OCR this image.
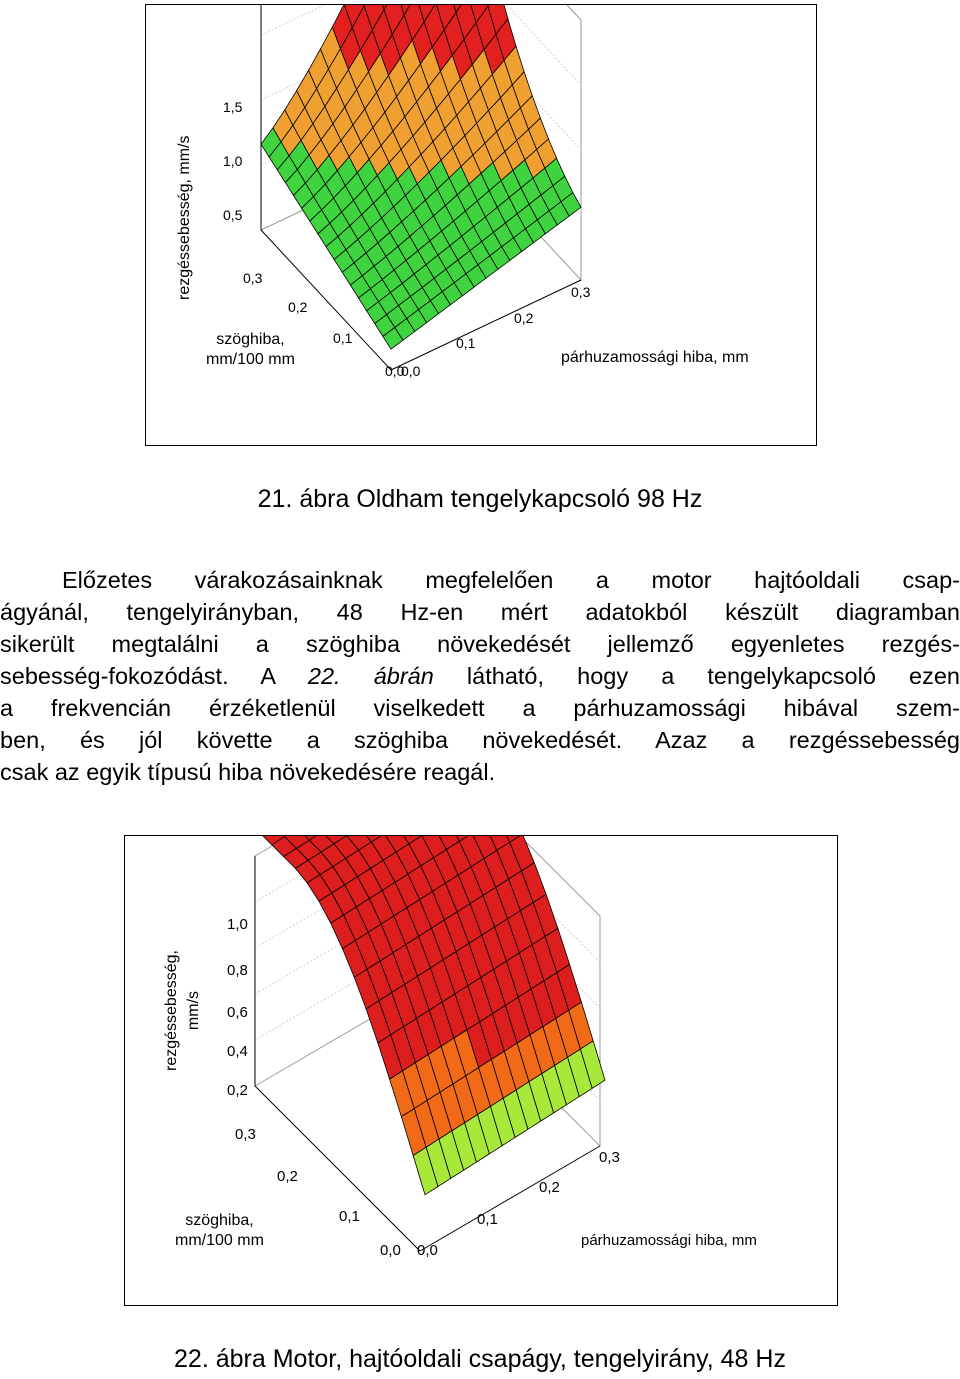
rezgéssebesség, mm/s
szöghiba,
mm/100 mm	párhuzamossági hiba, mm
1,5
1,0
0,5
0,3
0,2
0,1
0,0
0,0
0,1
0,2
0,3
21. ábra Oldham tengelykapcsoló 98 Hz
Előzetes várakozásainknak megfelelően a motor hajtóoldali csap-
ágyánál, tengelyirányban, 48 Hz-en mért adatokból készült diagramban
sikerült megtalálni a szöghiba növekedését jellemző egyenletes rezgés-
sebesség-fokozódást. A 22. ábrán látható, hogy a tengelykapcsoló ezen
a frekvencián érzéketlenül viselkedett a párhuzamossági hibával szem-
ben, és jól követte a szöghiba növekedését. Azaz a rezgéssebesség
csak az egyik típusú hiba növekedésére reagál.
rezgéssebesség,
mm/s
szöghiba,
mm/100 mm	párhuzamossági hiba, mm
1,0
0,8
0,6
0,4
0,2
0,3
0,2
0,1
0,0 0,0
0,1
0,2
0,3
22. ábra Motor, hajtóoldali csapágy, tengelyirány, 48 Hz
